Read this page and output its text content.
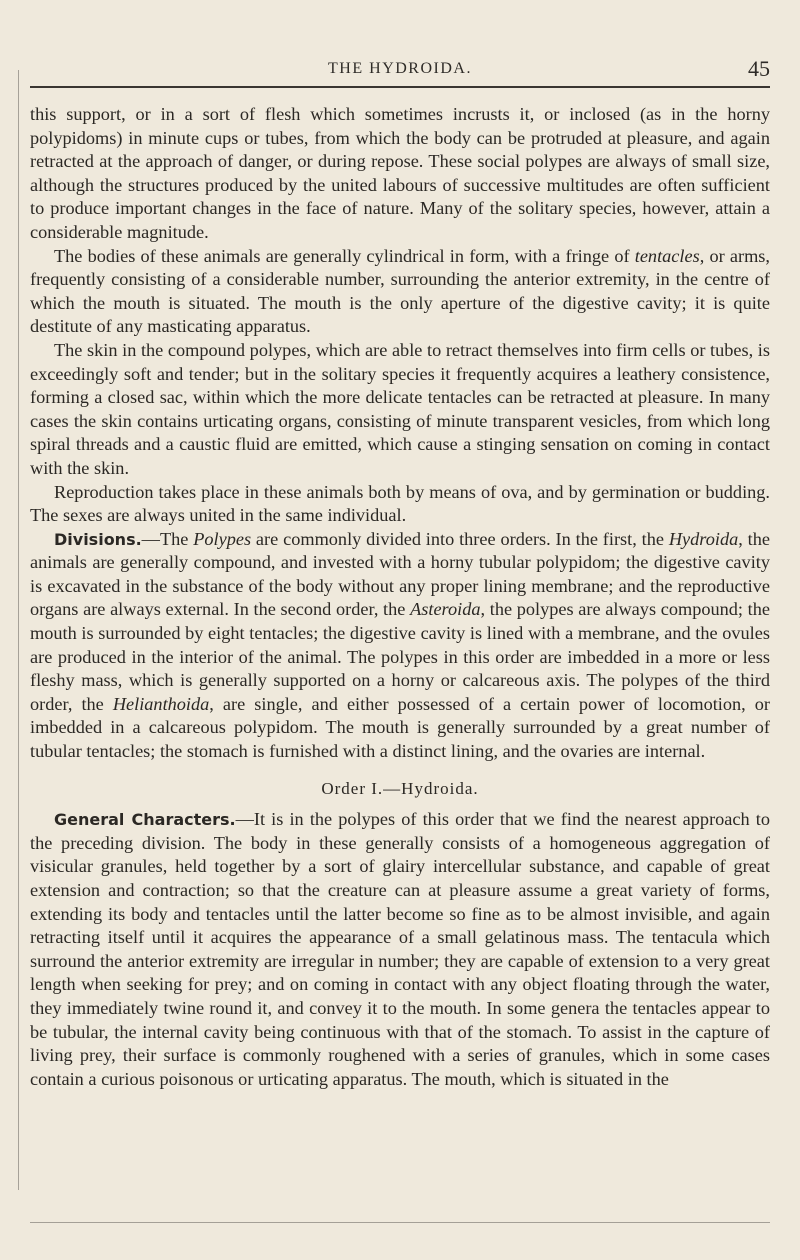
THE HYDROIDA.	45

this support, or in a sort of flesh which sometimes incrusts it, or inclosed (as in the horny polypidoms) in minute cups or tubes, from which the body can be protruded at pleasure, and again retracted at the approach of danger, or during repose. These social polypes are always of small size, although the structures produced by the united labours of successive multitudes are often sufficient to produce important changes in the face of nature. Many of the solitary species, however, attain a considerable magnitude.

The bodies of these animals are generally cylindrical in form, with a fringe of tentacles, or arms, frequently consisting of a considerable number, surrounding the anterior extremity, in the centre of which the mouth is situated. The mouth is the only aperture of the digestive cavity; it is quite destitute of any masticating apparatus.

The skin in the compound polypes, which are able to retract themselves into firm cells or tubes, is exceedingly soft and tender; but in the solitary species it frequently acquires a leathery consistence, forming a closed sac, within which the more delicate tentacles can be retracted at pleasure. In many cases the skin contains urticating organs, consisting of minute transparent vesicles, from which long spiral threads and a caustic fluid are emitted, which cause a stinging sensation on coming in contact with the skin.

Reproduction takes place in these animals both by means of ova, and by germination or budding. The sexes are always united in the same individual.

Divisions.—The Polypes are commonly divided into three orders. In the first, the Hydroida, the animals are generally compound, and invested with a horny tubular polypidom; the digestive cavity is excavated in the substance of the body without any proper lining membrane; and the reproductive organs are always external. In the second order, the Asteroida, the polypes are always compound; the mouth is surrounded by eight tentacles; the digestive cavity is lined with a membrane, and the ovules are produced in the interior of the animal. The polypes in this order are imbedded in a more or less fleshy mass, which is generally supported on a horny or calcareous axis. The polypes of the third order, the Helianthoida, are single, and either possessed of a certain power of locomotion, or imbedded in a calcareous polypidom. The mouth is generally surrounded by a great number of tubular tentacles; the stomach is furnished with a distinct lining, and the ovaries are internal.

Order I.—Hydroida.

General Characters.—It is in the polypes of this order that we find the nearest approach to the preceding division. The body in these generally consists of a homogeneous aggregation of visicular granules, held together by a sort of glairy intercellular substance, and capable of great extension and contraction; so that the creature can at pleasure assume a great variety of forms, extending its body and tentacles until the latter become so fine as to be almost invisible, and again retracting itself until it acquires the appearance of a small gelatinous mass. The tentacula which surround the anterior extremity are irregular in number; they are capable of extension to a very great length when seeking for prey; and on coming in contact with any object floating through the water, they immediately twine round it, and convey it to the mouth. In some genera the tentacles appear to be tubular, the internal cavity being continuous with that of the stomach. To assist in the capture of living prey, their surface is commonly roughened with a series of granules, which in some cases contain a curious poisonous or urticating apparatus. The mouth, which is situated in the
